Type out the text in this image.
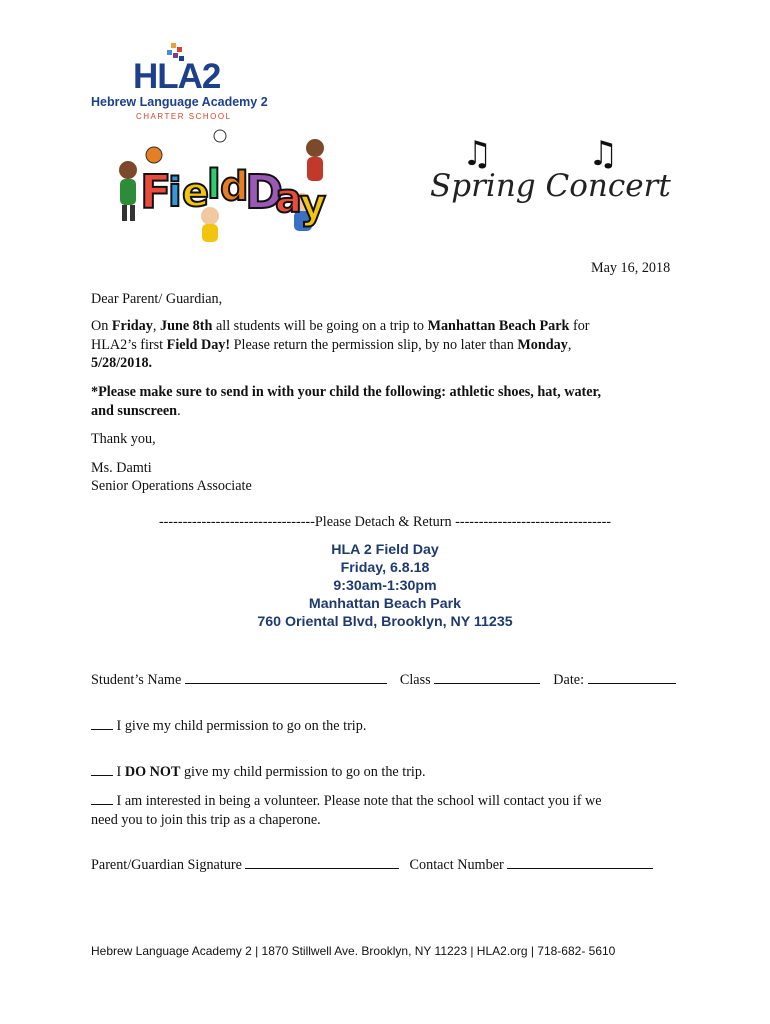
HLA2
Hebrew Language Academy 2
CHARTER SCHOOL
F
i e
l d
D
a
y
♫	♫
Spring Concert
May 16, 2018
Dear Parent/ Guardian,
On Friday, June 8th all students will be going on a trip to Manhattan Beach Park for
HLA2’s first Field Day! Please return the permission slip, by no later than Monday,
5/28/2018.
*Please make sure to send in with your child the following: athletic shoes, hat, water,
and sunscreen.
Thank you,
Ms. Damti
Senior Operations Associate
---------------------------------Please Detach & Return ---------------------------------
HLA 2 Field Day
Friday, 6.8.18
9:30am-1:30pm
Manhattan Beach Park
760 Oriental Blvd, Brooklyn, NY 11235
Student’s Name	Class	Date:
I give my child permission to go on the trip.
I DO NOT give my child permission to go on the trip.
I am interested in being a volunteer. Please note that the school will contact you if we
need you to join this trip as a chaperone.
Parent/Guardian Signature	Contact Number
Hebrew Language Academy 2 | 1870 Stillwell Ave. Brooklyn, NY 11223 | HLA2.org | 718-682- 5610
